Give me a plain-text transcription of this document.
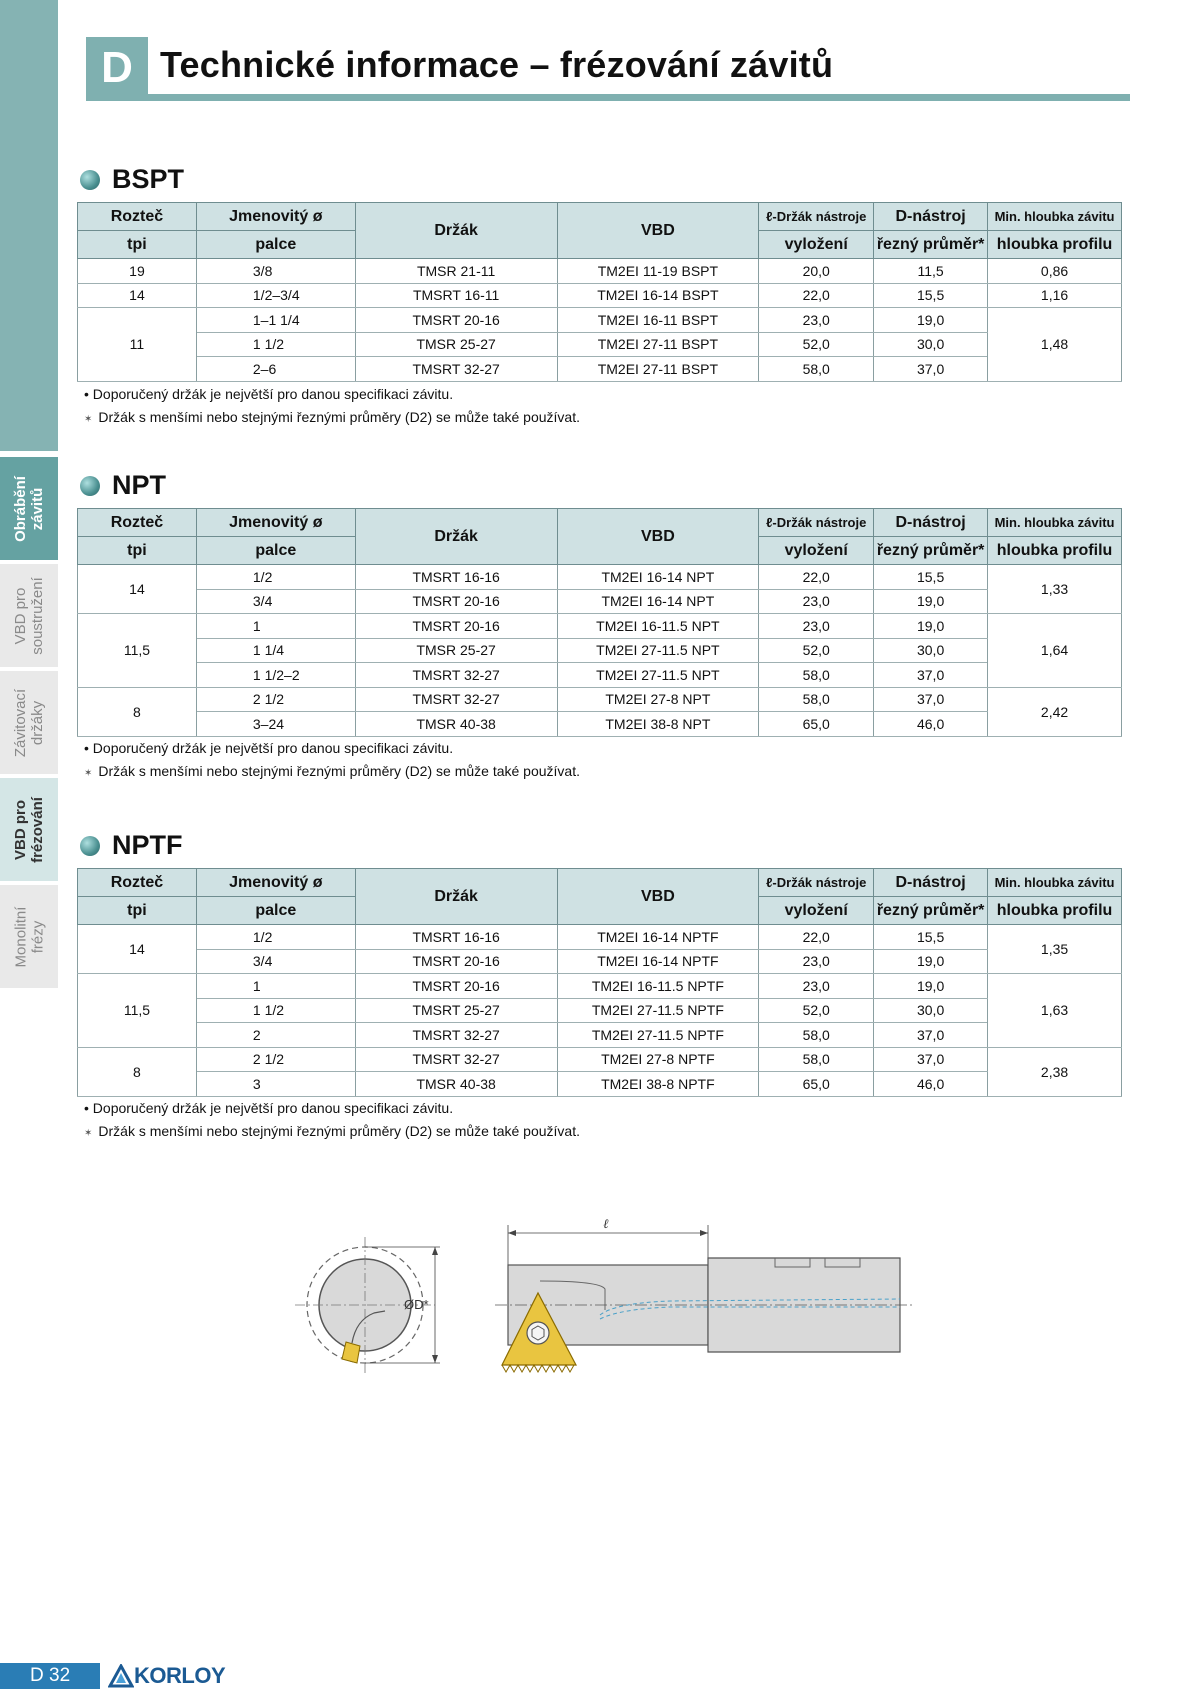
Obrábění
závitů
VBD pro
soustružení
Závitovací
držáky
VBD pro
frézování
Monolitní
frézy
D Technické informace – frézování závitů
BSPT
Rozteč	Jmenovitý ø	Držák	VBD	ℓ-Držák nástroje	D-nástroj	Min. hloubka závitu
tpi	palce			vyložení	řezný průměr*	hloubka profilu
19	3/8	TMSR 21-11	TM2EI 11-19 BSPT	20,0	11,5	0,86
14	1/2–3/4	TMSRT 16-11	TM2EI 16-14 BSPT	22,0	15,5	1,16
11	1–1 1/4	TMSRT 20-16	TM2EI 16-11 BSPT	23,0	19,0	1,48
	1 1/2	TMSR 25-27	TM2EI 27-11 BSPT	52,0	30,0	
	2–6	TMSRT 32-27	TM2EI 27-11 BSPT	58,0	37,0	
• Doporučený držák je největší pro danou specifikaci závitu.
✶ Držák s menšími nebo stejnými řeznými průměry (D2) se může také používat.
NPT
Rozteč	Jmenovitý ø	Držák	VBD	ℓ-Držák nástroje	D-nástroj	Min. hloubka závitu
tpi	palce			vyložení	řezný průměr*	hloubka profilu
14	1/2	TMSRT 16-16	TM2EI 16-14 NPT	22,0	15,5	1,33
	3/4	TMSRT 20-16	TM2EI 16-14 NPT	23,0	19,0	
11,5	1	TMSRT 20-16	TM2EI 16-11.5 NPT	23,0	19,0	1,64
	1 1/4	TMSR 25-27	TM2EI 27-11.5 NPT	52,0	30,0	
	1 1/2–2	TMSRT 32-27	TM2EI 27-11.5 NPT	58,0	37,0	
8	2 1/2	TMSRT 32-27	TM2EI 27-8 NPT	58,0	37,0	2,42
	3–24	TMSR 40-38	TM2EI 38-8 NPT	65,0	46,0	
• Doporučený držák je největší pro danou specifikaci závitu.
✶ Držák s menšími nebo stejnými řeznými průměry (D2) se může také používat.
NPTF
Rozteč	Jmenovitý ø	Držák	VBD	ℓ-Držák nástroje	D-nástroj	Min. hloubka závitu
tpi	palce			vyložení	řezný průměr*	hloubka profilu
14	1/2	TMSRT 16-16	TM2EI 16-14 NPTF	22,0	15,5	1,35
	3/4	TMSRT 20-16	TM2EI 16-14 NPTF	23,0	19,0	
11,5	1	TMSRT 20-16	TM2EI 16-11.5 NPTF	23,0	19,0	1,63
	1 1/2	TMSRT 25-27	TM2EI 27-11.5 NPTF	52,0	30,0	
	2	TMSRT 32-27	TM2EI 27-11.5 NPTF	58,0	37,0	
8	2 1/2	TMSRT 32-27	TM2EI 27-8 NPTF	58,0	37,0	2,38
	3	TMSR 40-38	TM2EI 38-8 NPTF	65,0	46,0	
• Doporučený držák je největší pro danou specifikaci závitu.
✶ Držák s menšími nebo stejnými řeznými průměry (D2) se může také používat.
ØD*
ℓ
D 32	KORLOY
